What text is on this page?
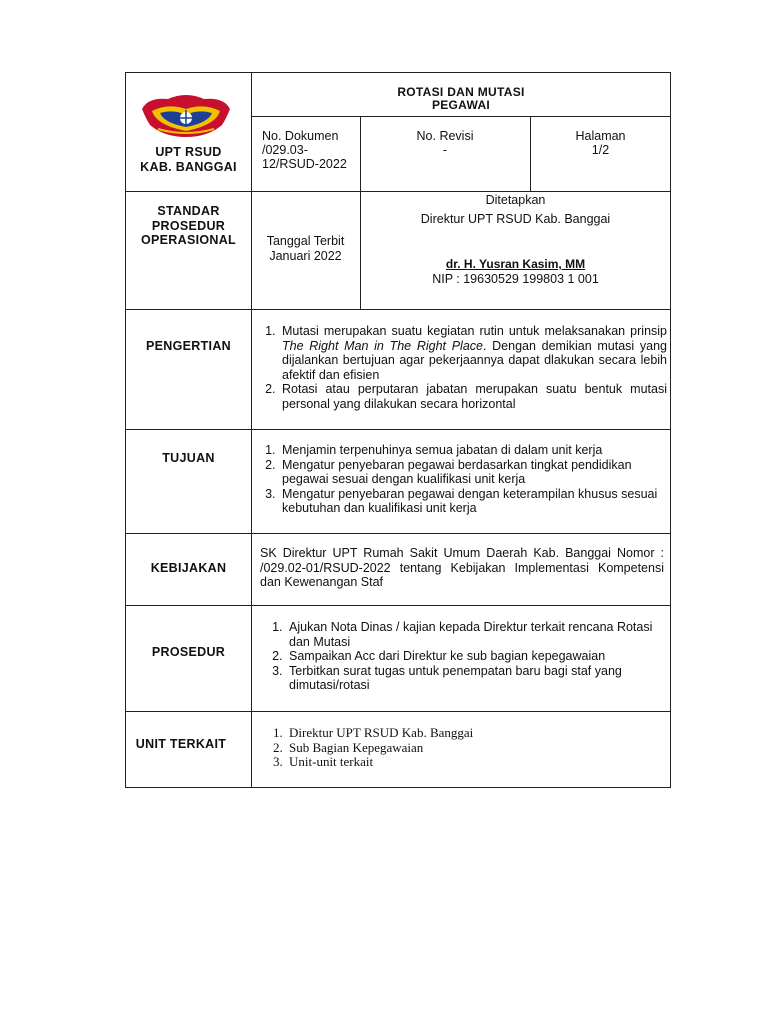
UPT RSUD
KAB. BANGGAI
ROTASI DAN MUTASI
PEGAWAI
No. Dokumen
/029.03-
12/RSUD-2022
No. Revisi
-
Halaman
1/2
STANDAR
PROSEDUR
OPERASIONAL	Tanggal Terbit
Januari 2022
Ditetapkan
Direktur UPT RSUD Kab. Banggai
dr. H. Yusran Kasim, MM
NIP : 19630529 199803 1 001
PENGERTIAN
1. Mutasi merupakan suatu kegiatan rutin untuk melaksanakan prinsip The Right Man in The Right Place. Dengan demikian mutasi yang dijalankan bertujuan agar pekerjaannya dapat dlakukan secara lebih afektif dan efisien
2. Rotasi atau perputaran jabatan merupakan suatu bentuk mutasi personal yang dilakukan secara horizontal
TUJUAN
1. Menjamin terpenuhinya semua jabatan di dalam unit kerja
2. Mengatur penyebaran pegawai berdasarkan tingkat pendidikan pegawai sesuai dengan kualifikasi unit kerja
3. Mengatur penyebaran pegawai dengan keterampilan khusus sesuai kebutuhan dan kualifikasi unit kerja
KEBIJAKAN
SK Direktur UPT Rumah Sakit Umum Daerah Kab. Banggai Nomor : /029.02-01/RSUD-2022 tentang Kebijakan Implementasi Kompetensi dan Kewenangan Staf
PROSEDUR
1. Ajukan Nota Dinas / kajian kepada Direktur terkait rencana Rotasi dan Mutasi
2. Sampaikan Acc dari Direktur ke sub bagian kepegawaian
3. Terbitkan surat tugas untuk penempatan baru bagi staf yang dimutasi/rotasi
UNIT TERKAIT
1. Direktur UPT RSUD Kab. Banggai
2. Sub Bagian Kepegawaian
3. Unit-unit terkait
